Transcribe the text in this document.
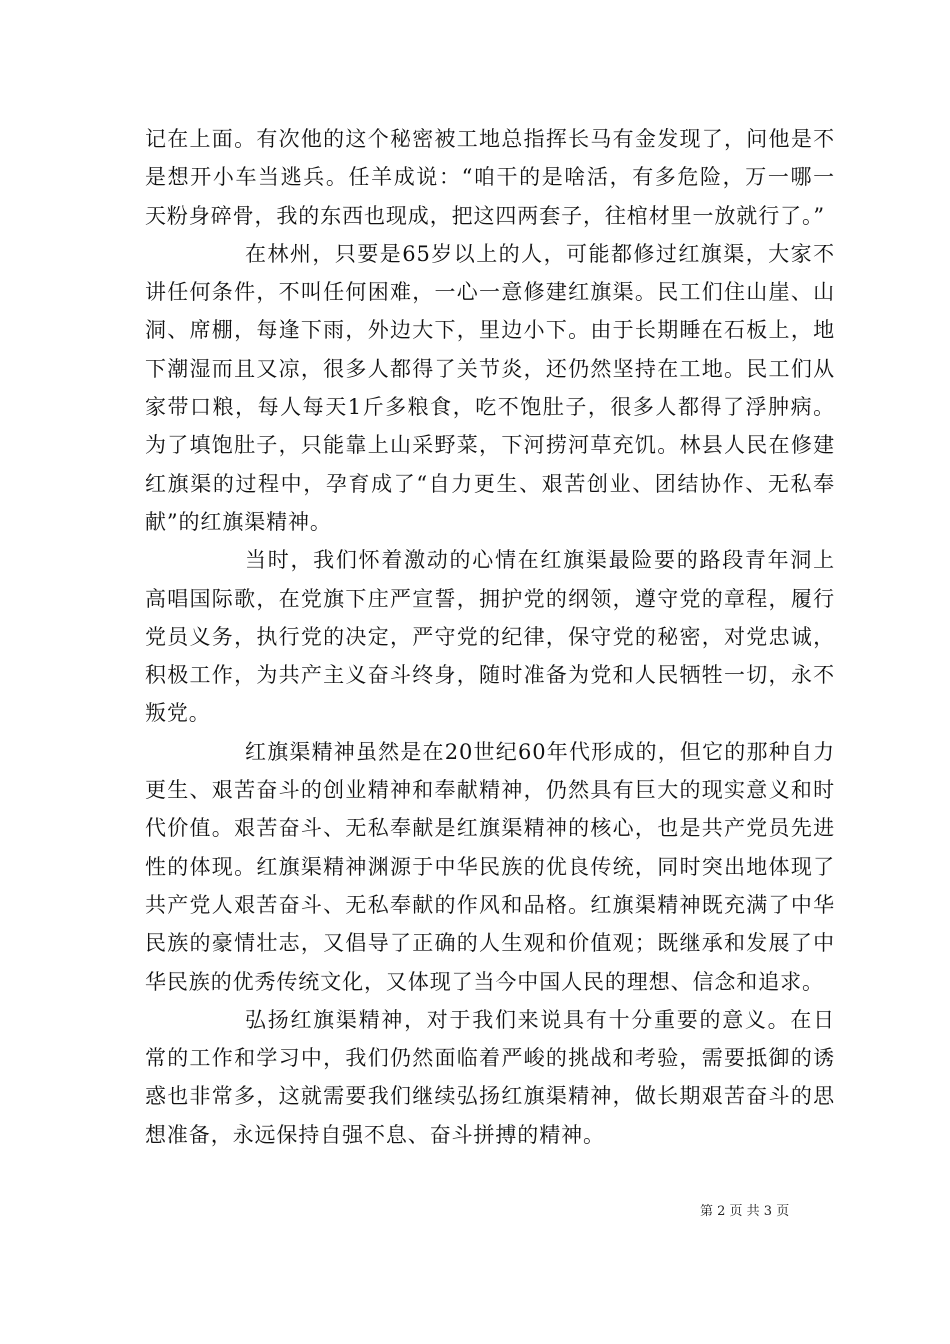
记在上面。有次他的这个秘密被工地总指挥长马有金发现了，问他是不是想开小车当逃兵。任羊成说：“咱干的是啥活，有多危险，万一哪一天粉身碎骨，我的东西也现成，把这四两套子，往棺材里一放就行了。”

在林州，只要是65岁以上的人，可能都修过红旗渠，大家不讲任何条件，不叫任何困难，一心一意修建红旗渠。民工们住山崖、山洞、席棚，每逢下雨，外边大下，里边小下。由于长期睡在石板上，地下潮湿而且又凉，很多人都得了关节炎，还仍然坚持在工地。民工们从家带口粮，每人每天1斤多粮食，吃不饱肚子，很多人都得了浮肿病。为了填饱肚子，只能靠上山采野菜，下河捞河草充饥。林县人民在修建红旗渠的过程中，孕育成了“自力更生、艰苦创业、团结协作、无私奉献”的红旗渠精神。

当时，我们怀着激动的心情在红旗渠最险要的路段青年洞上高唱国际歌，在党旗下庄严宣誓，拥护党的纲领，遵守党的章程，履行党员义务，执行党的决定，严守党的纪律，保守党的秘密，对党忠诚，积极工作，为共产主义奋斗终身，随时准备为党和人民牺牲一切，永不叛党。

红旗渠精神虽然是在20世纪60年代形成的，但它的那种自力更生、艰苦奋斗的创业精神和奉献精神，仍然具有巨大的现实意义和时代价值。艰苦奋斗、无私奉献是红旗渠精神的核心，也是共产党员先进性的体现。红旗渠精神渊源于中华民族的优良传统，同时突出地体现了共产党人艰苦奋斗、无私奉献的作风和品格。红旗渠精神既充满了中华民族的豪情壮志，又倡导了正确的人生观和价值观；既继承和发展了中华民族的优秀传统文化，又体现了当今中国人民的理想、信念和追求。

弘扬红旗渠精神，对于我们来说具有十分重要的意义。在日常的工作和学习中，我们仍然面临着严峻的挑战和考验，需要抵御的诱惑也非常多，这就需要我们继续弘扬红旗渠精神，做长期艰苦奋斗的思想准备，永远保持自强不息、奋斗拼搏的精神。

第 2 页 共 3 页
